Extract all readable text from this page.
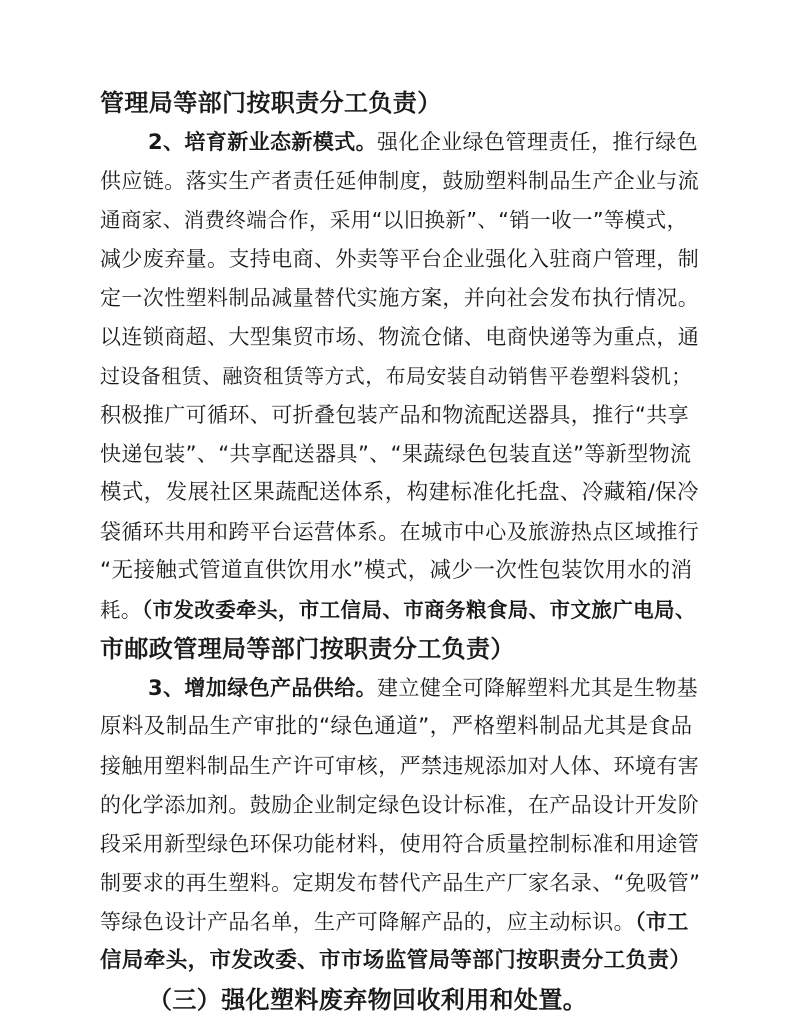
管理局等部门按职责分工负责）
2、培育新业态新模式。强化企业绿色管理责任，推行绿色
供应链。落实生产者责任延伸制度，鼓励塑料制品生产企业与流
通商家、消费终端合作，采用“以旧换新”、“销一收一”等模式，
减少废弃量。支持电商、外卖等平台企业强化入驻商户管理，制
定一次性塑料制品减量替代实施方案，并向社会发布执行情况。
以连锁商超、大型集贸市场、物流仓储、电商快递等为重点，通
过设备租赁、融资租赁等方式，布局安装自动销售平卷塑料袋机；
积极推广可循环、可折叠包装产品和物流配送器具，推行“共享
快递包装”、“共享配送器具”、“果蔬绿色包装直送”等新型物流
模式，发展社区果蔬配送体系，构建标准化托盘、冷藏箱/保冷
袋循环共用和跨平台运营体系。在城市中心及旅游热点区域推行
“无接触式管道直供饮用水”模式，减少一次性包装饮用水的消
耗。（市发改委牵头，市工信局、市商务粮食局、市文旅广电局、
市邮政管理局等部门按职责分工负责）
3、增加绿色产品供给。建立健全可降解塑料尤其是生物基
原料及制品生产审批的“绿色通道”，严格塑料制品尤其是食品
接触用塑料制品生产许可审核，严禁违规添加对人体、环境有害
的化学添加剂。鼓励企业制定绿色设计标准，在产品设计开发阶
段采用新型绿色环保功能材料，使用符合质量控制标准和用途管
制要求的再生塑料。定期发布替代产品生产厂家名录、“免吸管”
等绿色设计产品名单，生产可降解产品的，应主动标识。（市工
信局牵头，市发改委、市市场监管局等部门按职责分工负责）
（三）强化塑料废弃物回收利用和处置。
